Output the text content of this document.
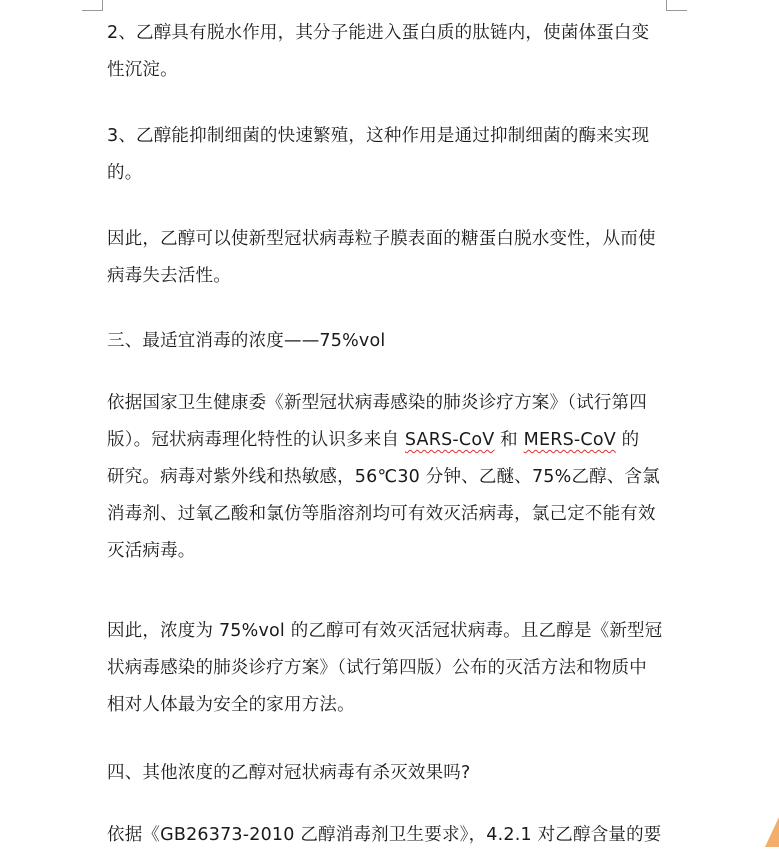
2、乙醇具有脱水作用，其分子能进入蛋白质的肽链内，使菌体蛋白变
性沉淀。

3、乙醇能抑制细菌的快速繁殖，这种作用是通过抑制细菌的酶来实现
的。

因此，乙醇可以使新型冠状病毒粒子膜表面的糖蛋白脱水变性，从而使
病毒失去活性。

三、最适宜消毒的浓度——75%vol

依据国家卫生健康委《新型冠状病毒感染的肺炎诊疗方案》（试行第四
版）。冠状病毒理化特性的认识多来自 SARS-CoV 和 MERS-CoV 的
研究。病毒对紫外线和热敏感，56℃30 分钟、乙醚、75%乙醇、含氯
消毒剂、过氧乙酸和氯仿等脂溶剂均可有效灭活病毒，氯己定不能有效
灭活病毒。

因此，浓度为 75%vol 的乙醇可有效灭活冠状病毒。且乙醇是《新型冠
状病毒感染的肺炎诊疗方案》（试行第四版）公布的灭活方法和物质中
相对人体最为安全的家用方法。

四、其他浓度的乙醇对冠状病毒有杀灭效果吗?

依据《GB26373-2010 乙醇消毒剂卫生要求》，4.2.1 对乙醇含量的要
